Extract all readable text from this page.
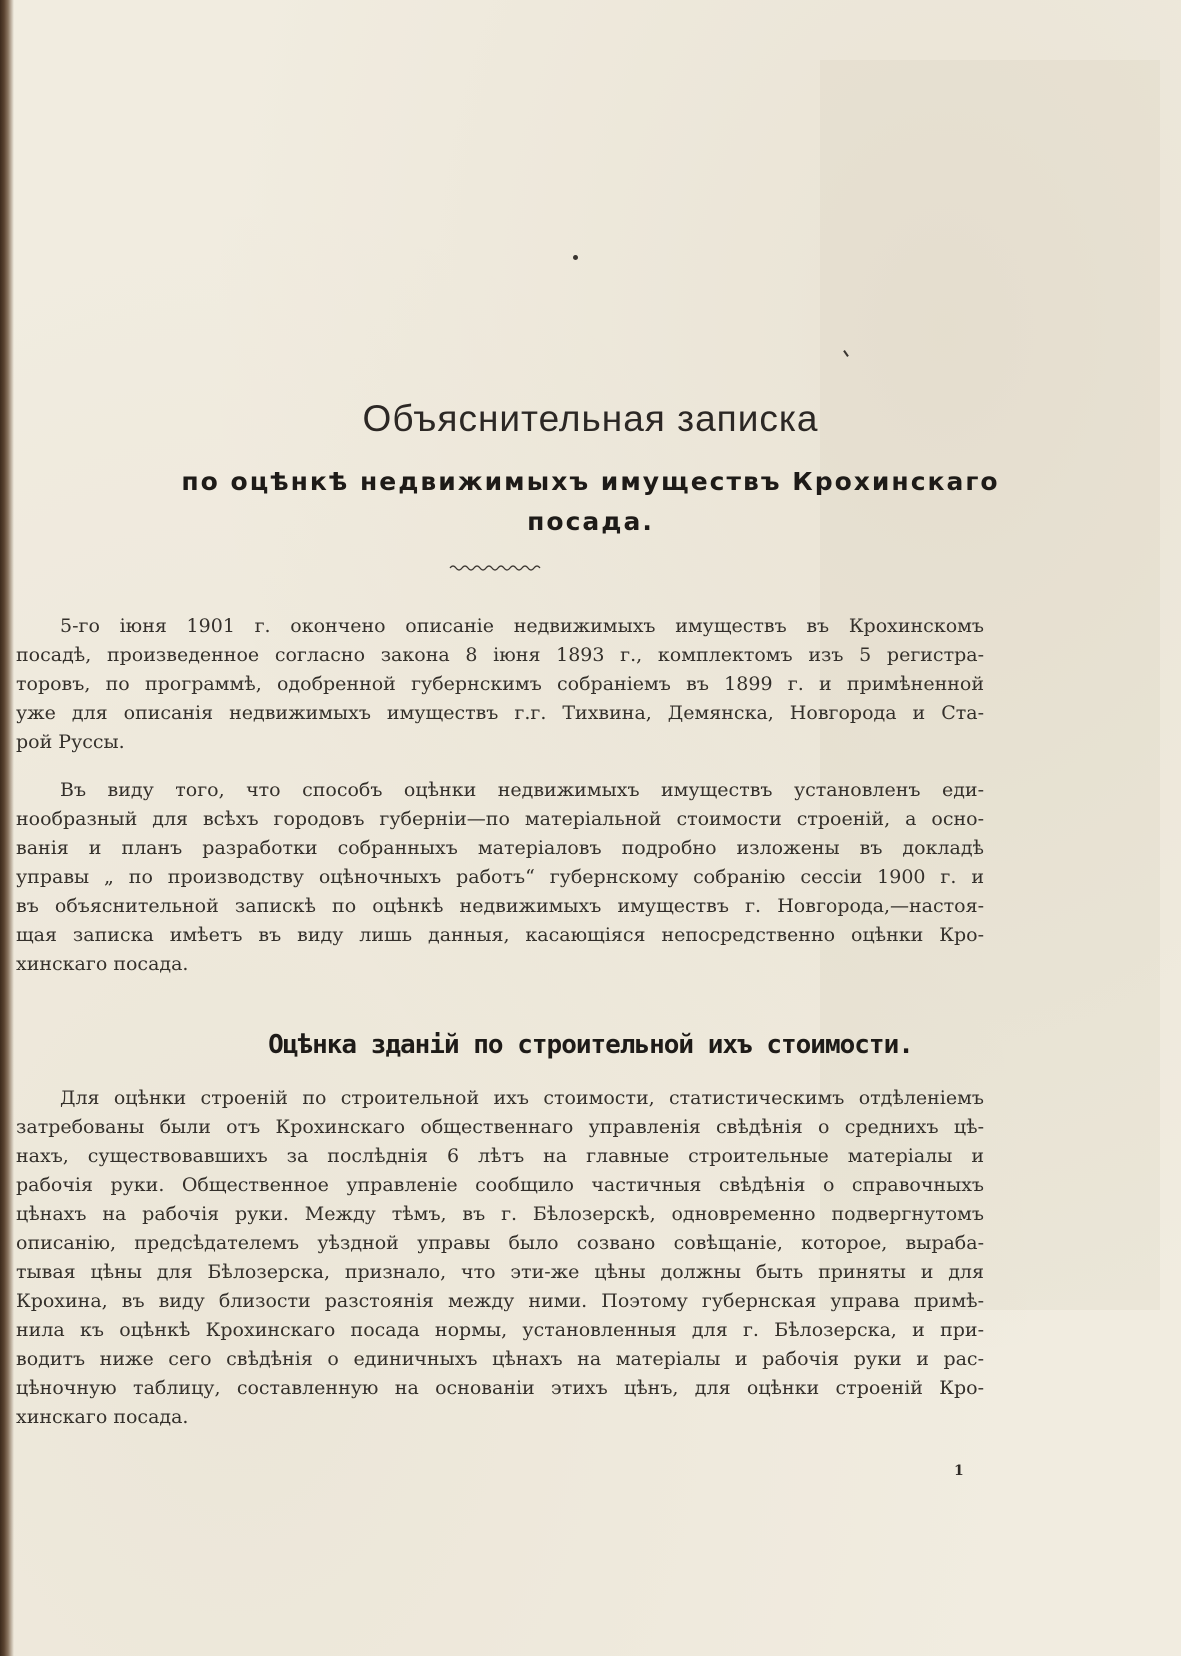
Объяснительная записка
по оцѣнкѣ недвижимыхъ имуществъ Крохинскаго
посада.
5-го іюня 1901 г. окончено описаніе недвижимыхъ имуществъ въ Крохинскомъ
посадѣ, произведенное согласно закона 8 іюня 1893 г., комплектомъ изъ 5 регистра-
торовъ, по программѣ, одобренной губернскимъ собраніемъ въ 1899 г. и примѣненной
уже для описанія недвижимыхъ имуществъ г.г. Тихвина, Демянска, Новгорода и Ста-
рой Руссы.
Въ виду того, что способъ оцѣнки недвижимыхъ имуществъ установленъ еди-
нообразный для всѣхъ городовъ губерніи—по матеріальной стоимости строеній, а осно-
ванія и планъ разработки собранныхъ матеріаловъ подробно изложены въ докладѣ
управы „ по производству оцѣночныхъ работъ“ губернскому собранію сессіи 1900 г. и
въ объяснительной запискѣ по оцѣнкѣ недвижимыхъ имуществъ г. Новгорода,—настоя-
щая записка имѣетъ въ виду лишь данныя, касающіяся непосредственно оцѣнки Кро-
хинскаго посада.
Оцѣнка зданій по строительной ихъ стоимости.
Для оцѣнки строеній по строительной ихъ стоимости, статистическимъ отдѣленіемъ
затребованы были отъ Крохинскаго общественнаго управленія свѣдѣнія о среднихъ цѣ-
нахъ, существовавшихъ за послѣднія 6 лѣтъ на главные строительные матеріалы и
рабочія руки. Общественное управленіе сообщило частичныя свѣдѣнія о справочныхъ
цѣнахъ на рабочія руки. Между тѣмъ, въ г. Бѣлозерскѣ, одновременно подвергнутомъ
описанію, предсѣдателемъ уѣздной управы было созвано совѣщаніе, которое, выраба-
тывая цѣны для Бѣлозерска, признало, что эти-же цѣны должны быть приняты и для
Крохина, въ виду близости разстоянія между ними. Поэтому губернская управа примѣ-
нила къ оцѣнкѣ Крохинскаго посада нормы, установленныя для г. Бѣлозерска, и при-
водитъ ниже сего свѣдѣнія о единичныхъ цѣнахъ на матеріалы и рабочія руки и рас-
цѣночную таблицу, составленную на основаніи этихъ цѣнъ, для оцѣнки строеній Кро-
хинскаго посада.
1
